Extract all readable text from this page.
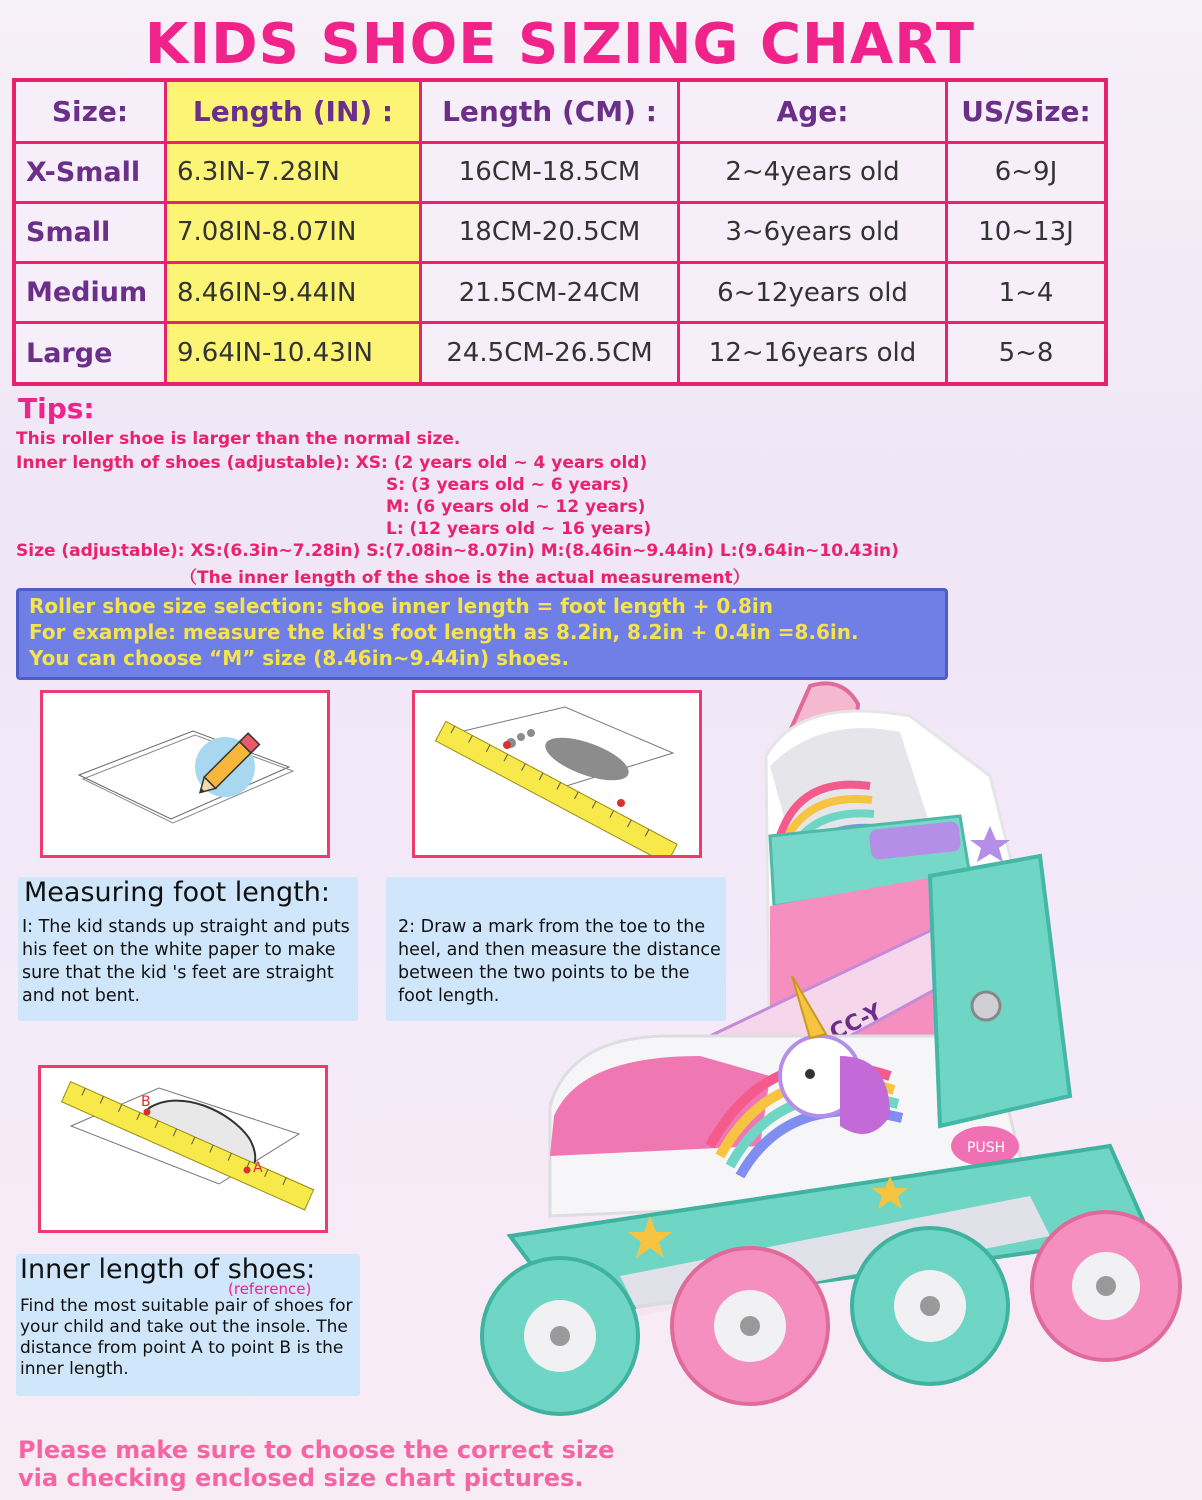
KIDS SHOE SIZING CHART
Size:	Length (IN) :	Length (CM) :	Age:	US/Size:
X-Small	6.3IN-7.28IN	16CM-18.5CM	2~4years old	6~9J
Small	7.08IN-8.07IN	18CM-20.5CM	3~6years old	10~13J
Medium	8.46IN-9.44IN	21.5CM-24CM	6~12years old	1~4
Large	9.64IN-10.43IN	24.5CM-26.5CM	12~16years old	5~8
Tips:
This roller shoe is larger than the normal size.
Inner length of shoes (adjustable): XS: (2 years old ~ 4 years old)
S: (3 years old ~ 6 years)
M: (6 years old ~ 12 years)
L: (12 years old ~ 16 years)
Size (adjustable): XS:(6.3in~7.28in) S:(7.08in~8.07in) M:(8.46in~9.44in) L:(9.64in~10.43in)
（The inner length of the shoe is the actual measurement）
Roller shoe size selection: shoe inner length = foot length + 0.8in
For example: measure the kid's foot length as 8.2in, 8.2in + 0.4in =8.6in.
You can choose “M” size (8.46in~9.44in) shoes.
Measuring foot length:
I: The kid stands up straight and puts his feet on the white paper to make sure that the kid 's feet are straight and not bent.
2: Draw a mark from the toe to the heel, and then measure the distance between the two points to be the foot length.
B
A
Inner length of shoes:
(reference)
Find the most suitable pair of shoes for your child and take out the insole. The distance from point A to point B is the inner length.
PUSH
Please make sure to choose the correct size
via checking enclosed size chart pictures.
